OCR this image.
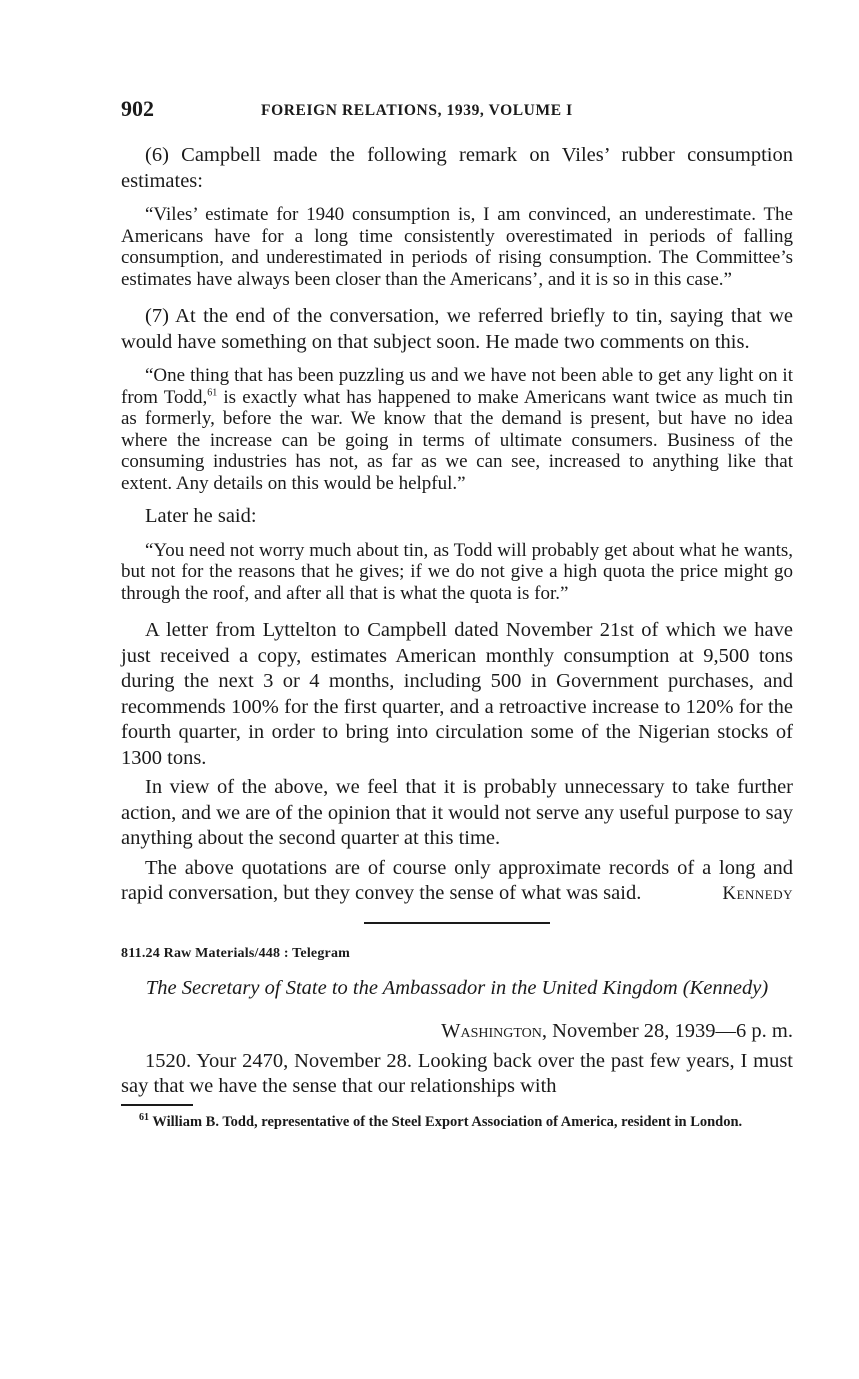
902	FOREIGN RELATIONS, 1939, VOLUME I

(6) Campbell made the following remark on Viles’ rubber consumption estimates:

“Viles’ estimate for 1940 consumption is, I am convinced, an underestimate. The Americans have for a long time consistently overestimated in periods of falling consumption, and underestimated in periods of rising consumption. The Committee’s estimates have always been closer than the Americans’, and it is so in this case.”

(7) At the end of the conversation, we referred briefly to tin, saying that we would have something on that subject soon. He made two comments on this.

“One thing that has been puzzling us and we have not been able to get any light on it from Todd,$^{61}$ is exactly what has happened to make Americans want twice as much tin as formerly, before the war. We know that the demand is present, but have no idea where the increase can be going in terms of ultimate consumers. Business of the consuming industries has not, as far as we can see, increased to anything like that extent. Any details on this would be helpful.”

Later he said:

“You need not worry much about tin, as Todd will probably get about what he wants, but not for the reasons that he gives; if we do not give a high quota the price might go through the roof, and after all that is what the quota is for.”

A letter from Lyttelton to Campbell dated November 21st of which we have just received a copy, estimates American monthly consumption at 9,500 tons during the next 3 or 4 months, including 500 in Government purchases, and recommends 100% for the first quarter, and a retroactive increase to 120% for the fourth quarter, in order to bring into circulation some of the Nigerian stocks of 1300 tons.

In view of the above, we feel that it is probably unnecessary to take further action, and we are of the opinion that it would not serve any useful purpose to say anything about the second quarter at this time.

The above quotations are of course only approximate records of a long and rapid conversation, but they convey the sense of what was said.	Kennedy

811.24 Raw Materials/448 : Telegram
The Secretary of State to the Ambassador in the United Kingdom (Kennedy)
Washington, November 28, 1939—6 p. m.

1520. Your 2470, November 28. Looking back over the past few years, I must say that we have the sense that our relationships with

$^{61}$ William B. Todd, representative of the Steel Export Association of America, resident in London.
